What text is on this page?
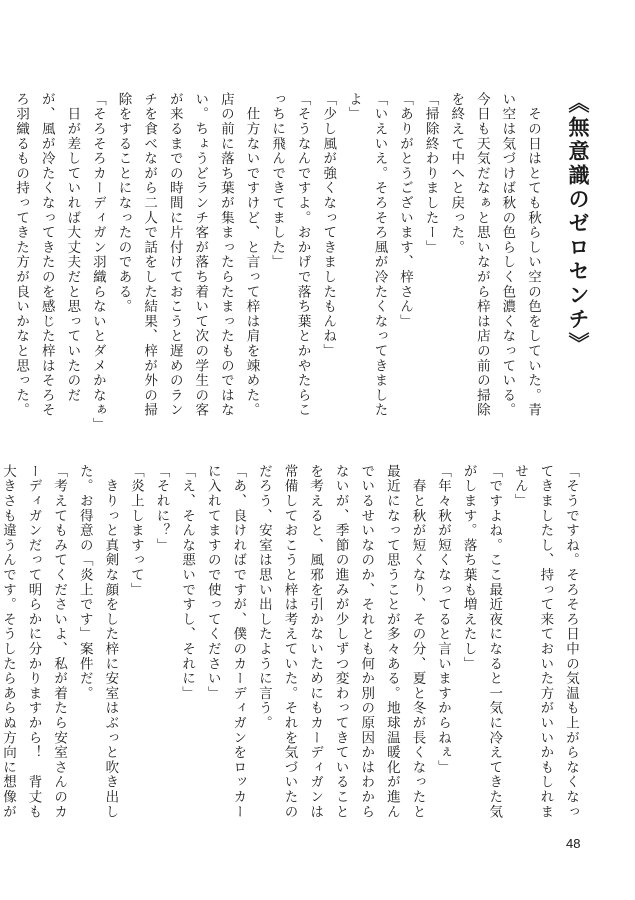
《無意識のゼロセンチ》

　その日はとても秋らしい空の色をしていた。青い空は気づけば秋の色らしく色濃くなっている。今日も天気だなぁと思いながら梓は店の前の掃除を終えて中へと戻った。

「掃除終わりましたー」

「ありがとうございます、梓さん」

「いえいえ。そろそろ風が冷たくなってきましたよ」

「少し風が強くなってきましたもんね」

「そうなんですよ。おかげで落ち葉とかやたらこっちに飛んできてました」

　仕方ないですけど、と言って梓は肩を竦めた。店の前に落ち葉が集まったらたまったものではない。ちょうどランチ客が落ち着いて次の学生の客が来るまでの時間に片付けておこうと遅めのランチを食べながら二人で話をした結果、梓が外の掃除をすることになったのである。

「そろそろカーディガン羽織らないとダメかなぁ」

　日が差していれば大丈夫だと思っていたのだが、風が冷たくなってきたのを感じた梓はそろそろ羽織るもの持ってきた方が良いかなと思った。

「そうですね。そろそろ日中の気温も上がらなくなってきましたし、持って来ておいた方がいいかもしれません」

「ですよね。ここ最近夜になると一気に冷えてきた気がします。落ち葉も増えたし」

「年々秋が短くなってると言いますからねぇ」

　春と秋が短くなり、その分、夏と冬が長くなったと最近になって思うことが多々ある。地球温暖化が進んでいるせいなのか、それとも何か別の原因かはわからないが、季節の進みが少しずつ変わってきていることを考えると、風邪を引かないためにもカーディガンは常備しておこうと梓は考えていた。それを気づいたのだろう、安室は思い出したように言う。

「あ、良ければですが、僕のカーディガンをロッカーに入れてますので使ってください」

「え、そんな悪いですし、それに」

「それに？」

「炎上しますって」

　きりっと真剣な顔をした梓に安室はぶっと吹き出した。お得意の「炎上です」案件だ。

「考えてもみてくださいよ、私が着たら安室さんのカーディガンだって明らかに分かりますから！　背丈も大きさも違うんです。そうしたらあらぬ方向に想像が

48
